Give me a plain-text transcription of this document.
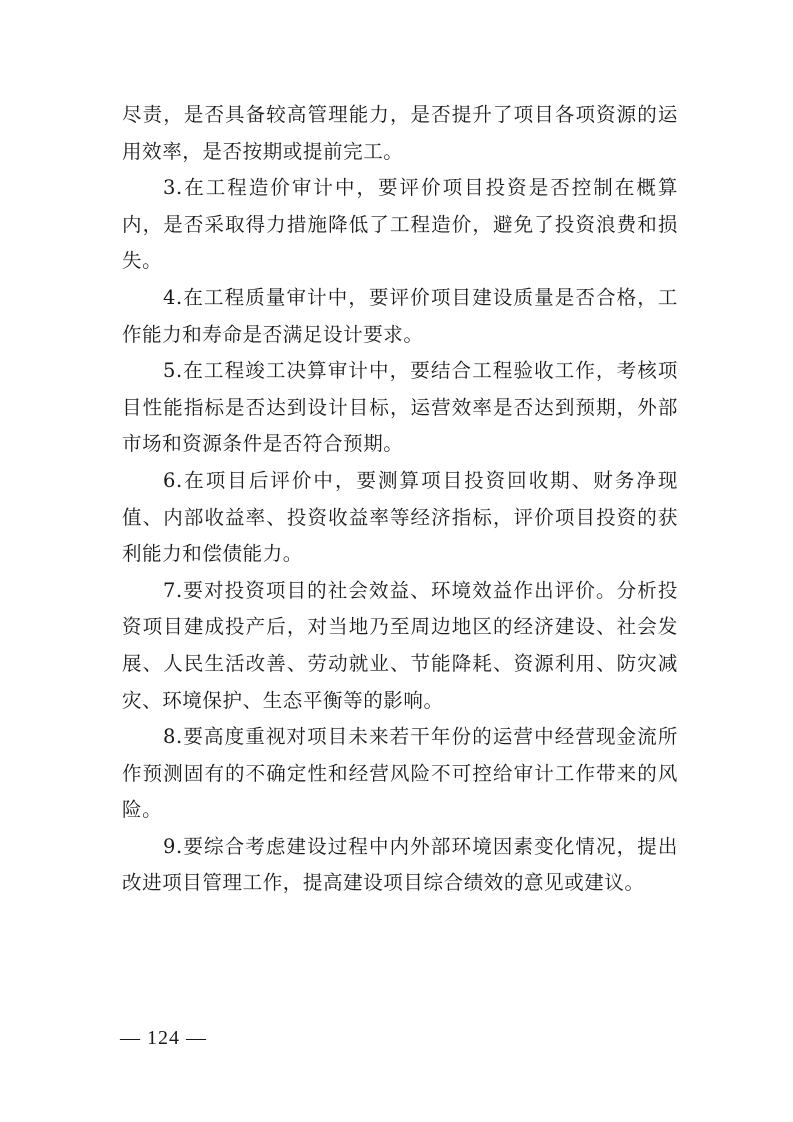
尽责，是否具备较高管理能力，是否提升了项目各项资源的运用效率，是否按期或提前完工。

3.在工程造价审计中，要评价项目投资是否控制在概算内，是否采取得力措施降低了工程造价，避免了投资浪费和损失。

4.在工程质量审计中，要评价项目建设质量是否合格，工作能力和寿命是否满足设计要求。

5.在工程竣工决算审计中，要结合工程验收工作，考核项目性能指标是否达到设计目标，运营效率是否达到预期，外部市场和资源条件是否符合预期。

6.在项目后评价中，要测算项目投资回收期、财务净现值、内部收益率、投资收益率等经济指标，评价项目投资的获利能力和偿债能力。

7.要对投资项目的社会效益、环境效益作出评价。分析投资项目建成投产后，对当地乃至周边地区的经济建设、社会发展、人民生活改善、劳动就业、节能降耗、资源利用、防灾减灾、环境保护、生态平衡等的影响。

8.要高度重视对项目未来若干年份的运营中经营现金流所作预测固有的不确定性和经营风险不可控给审计工作带来的风险。

9.要综合考虑建设过程中内外部环境因素变化情况，提出改进项目管理工作，提高建设项目综合绩效的意见或建议。

— 124 —
